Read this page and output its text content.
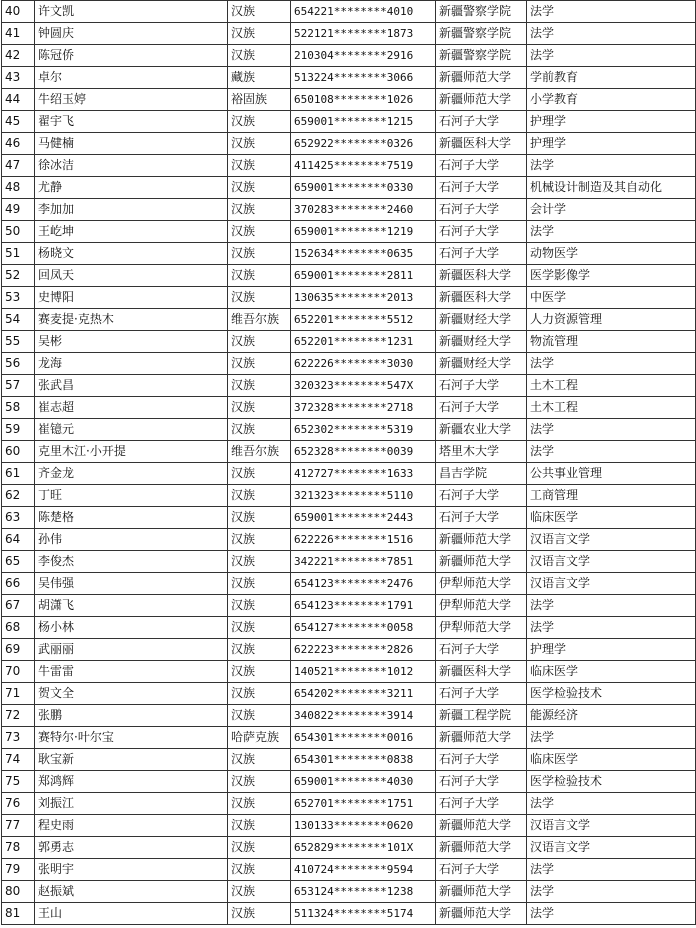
40	许文凯	汉族	654221********4010	新疆警察学院	法学
41	钟圆庆	汉族	522121********1873	新疆警察学院	法学
42	陈冠侨	汉族	210304********2916	新疆警察学院	法学
43	卓尔	藏族	513224********3066	新疆师范大学	学前教育
44	牛绍玉婷	裕固族	650108********1026	新疆师范大学	小学教育
45	翟宇飞	汉族	659001********1215	石河子大学	护理学
46	马健楠	汉族	652922********0326	新疆医科大学	护理学
47	徐冰洁	汉族	411425********7519	石河子大学	法学
48	尤静	汉族	659001********0330	石河子大学	机械设计制造及其自动化
49	李加加	汉族	370283********2460	石河子大学	会计学
50	王屹坤	汉族	659001********1219	石河子大学	法学
51	杨晓文	汉族	152634********0635	石河子大学	动物医学
52	回凤天	汉族	659001********2811	新疆医科大学	医学影像学
53	史博阳	汉族	130635********2013	新疆医科大学	中医学
54	赛麦提·克热木	维吾尔族	652201********5512	新疆财经大学	人力资源管理
55	吴彬	汉族	652201********1231	新疆财经大学	物流管理
56	龙海	汉族	622226********3030	新疆财经大学	法学
57	张武昌	汉族	320323********547X	石河子大学	土木工程
58	崔志超	汉族	372328********2718	石河子大学	土木工程
59	崔镱元	汉族	652302********5319	新疆农业大学	法学
60	克里木江·小开提	维吾尔族	652328********0039	塔里木大学	法学
61	齐金龙	汉族	412727********1633	昌吉学院	公共事业管理
62	丁旺	汉族	321323********5110	石河子大学	工商管理
63	陈楚格	汉族	659001********2443	石河子大学	临床医学
64	孙伟	汉族	622226********1516	新疆师范大学	汉语言文学
65	李俊杰	汉族	342221********7851	新疆师范大学	汉语言文学
66	吴伟强	汉族	654123********2476	伊犁师范大学	汉语言文学
67	胡潇飞	汉族	654123********1791	伊犁师范大学	法学
68	杨小林	汉族	654127********0058	伊犁师范大学	法学
69	武丽丽	汉族	622223********2826	石河子大学	护理学
70	牛雷雷	汉族	140521********1012	新疆医科大学	临床医学
71	贺文全	汉族	654202********3211	石河子大学	医学检验技术
72	张鹏	汉族	340822********3914	新疆工程学院	能源经济
73	赛特尔·叶尔宝	哈萨克族	654301********0016	新疆师范大学	法学
74	耿宝新	汉族	654301********0838	石河子大学	临床医学
75	郑鸿辉	汉族	659001********4030	石河子大学	医学检验技术
76	刘振江	汉族	652701********1751	石河子大学	法学
77	程史雨	汉族	130133********0620	新疆师范大学	汉语言文学
78	郭勇志	汉族	652829********101X	新疆师范大学	汉语言文学
79	张明宇	汉族	410724********9594	石河子大学	法学
80	赵振斌	汉族	653124********1238	新疆师范大学	法学
81	王山	汉族	511324********5174	新疆师范大学	法学
